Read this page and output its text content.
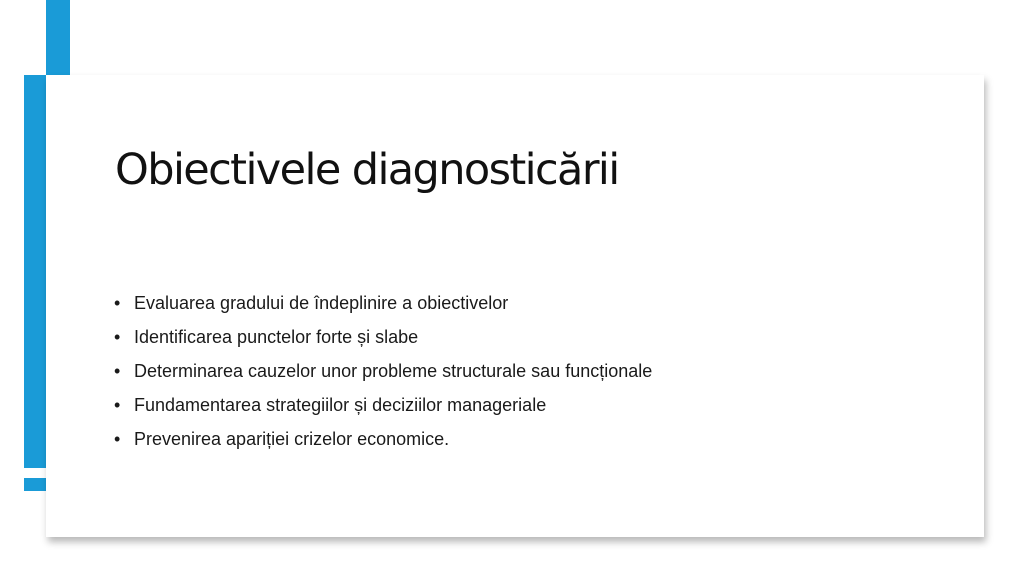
Obiectivele diagnosticării
• Evaluarea gradului de îndeplinire a obiectivelor
• Identificarea punctelor forte și slabe
• Determinarea cauzelor unor probleme structurale sau funcționale
• Fundamentarea strategiilor și deciziilor manageriale
• Prevenirea apariției crizelor economice.
